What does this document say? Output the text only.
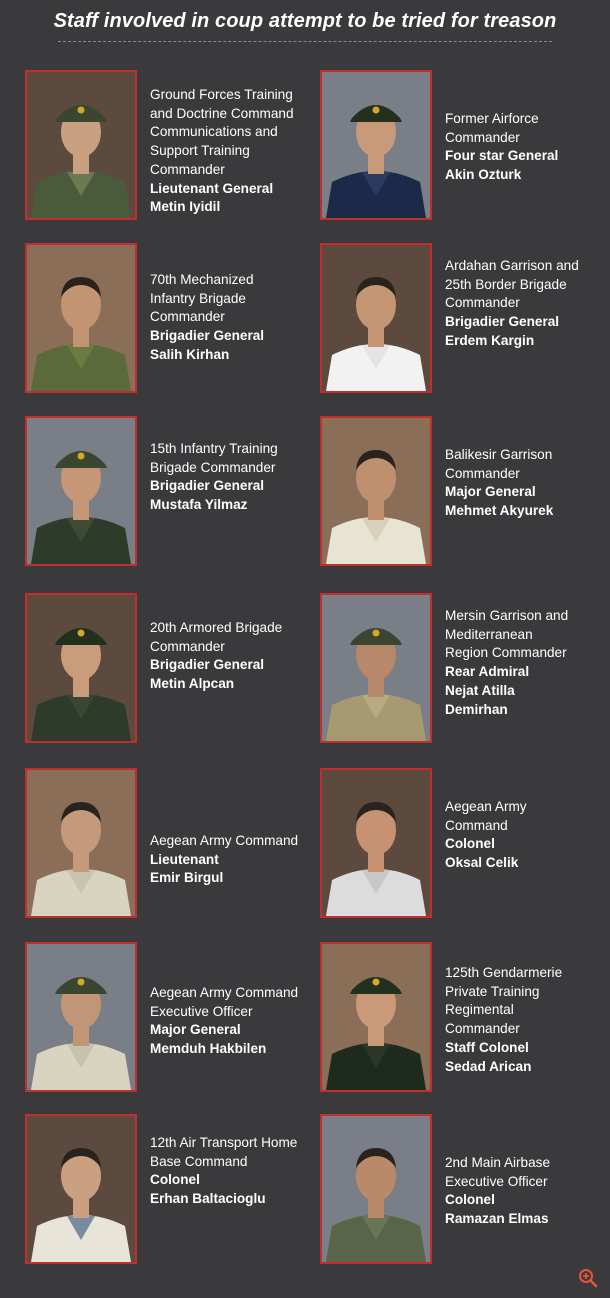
Staff involved in coup attempt to be tried for treason
Ground Forces Training
and Doctrine Command
Communications and
Support Training
Commander
Lieutenant General
Metin Iyidil
Former Airforce
Commander
Four star General
Akin Ozturk
70th Mechanized
Infantry Brigade
Commander
Brigadier General
Salih Kirhan
Ardahan Garrison and
25th Border Brigade
Commander
Brigadier General
Erdem Kargin
15th Infantry Training
Brigade Commander
Brigadier General
Mustafa Yilmaz
Balikesir Garrison
Commander
Major General
Mehmet Akyurek
20th Armored Brigade
Commander
Brigadier General
Metin Alpcan
Mersin Garrison and
Mediterranean
Region Commander
Rear Admiral
Nejat Atilla
Demirhan
Aegean Army Command
Lieutenant
Emir Birgul
Aegean Army
Command
Colonel
Oksal Celik
Aegean Army Command
Executive Officer
Major General
Memduh Hakbilen
125th Gendarmerie
Private Training
Regimental
Commander
Staff Colonel
Sedad Arican
12th Air Transport Home
Base Command
Colonel
Erhan Baltacioglu
2nd Main Airbase
Executive Officer
Colonel
Ramazan Elmas
